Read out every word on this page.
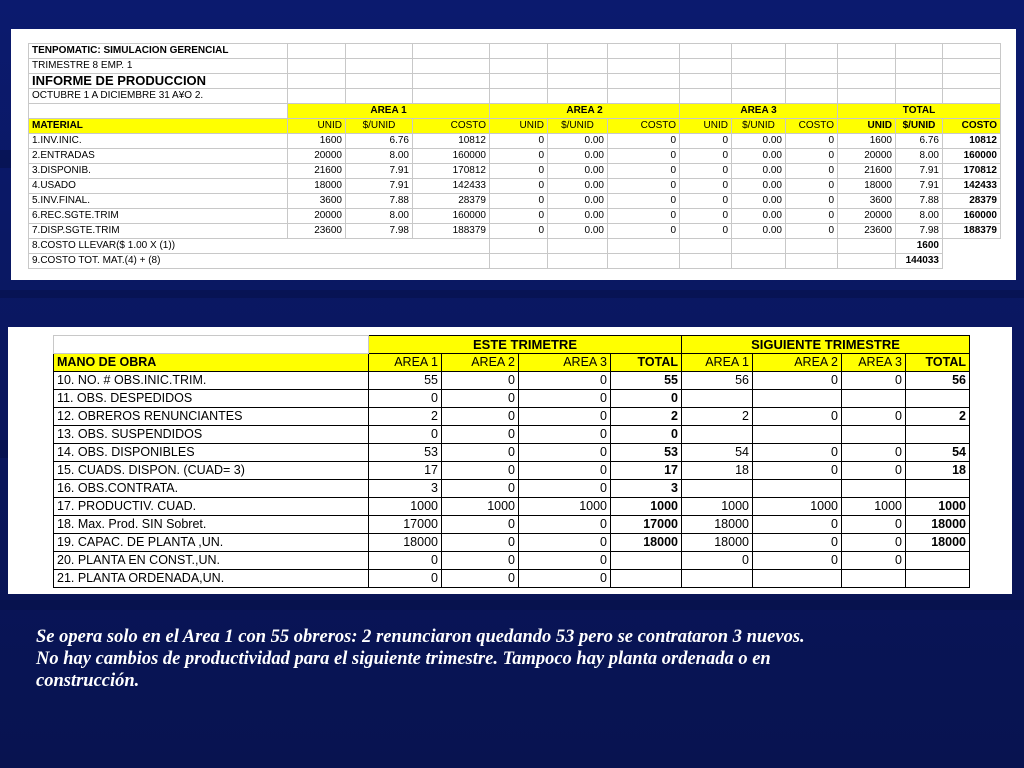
TENPOMATIC: SIMULACION GERENCIAL												
TRIMESTRE 8 EMP. 1												
INFORME DE PRODUCCION												
OCTUBRE 1 A DICIEMBRE 31 A¥O 2.												
	AREA 1			AREA 2			AREA 3			TOTAL		
MATERIAL	UNID	$/UNID	COSTO	UNID	$/UNID	COSTO	UNID	$/UNID	COSTO	UNID	$/UNID	COSTO
1.INV.INIC.	1600	6.76	10812	0	0.00	0	0	0.00	0	1600	6.76	10812
2.ENTRADAS	20000	8.00	160000	0	0.00	0	0	0.00	0	20000	8.00	160000
3.DISPONIB.	21600	7.91	170812	0	0.00	0	0	0.00	0	21600	7.91	170812
4.USADO	18000	7.91	142433	0	0.00	0	0	0.00	0	18000	7.91	142433
5.INV.FINAL.	3600	7.88	28379	0	0.00	0	0	0.00	0	3600	7.88	28379
6.REC.SGTE.TRIM	20000	8.00	160000	0	0.00	0	0	0.00	0	20000	8.00	160000
7.DISP.SGTE.TRIM	23600	7.98	188379	0	0.00	0	0	0.00	0	23600	7.98	188379
8.COSTO LLEVAR($ 1.00 X (1))											1600	
9.COSTO TOT. MAT.(4) + (8)											144033	
	ESTE TRIMETRE				SIGUIENTE TRIMESTRE			
MANO DE OBRA	AREA 1	AREA 2	AREA 3	TOTAL	AREA 1	AREA 2	AREA 3	TOTAL
10. NO. # OBS.INIC.TRIM.	55	0	0	55	56	0	0	56
11. OBS. DESPEDIDOS	0	0	0	0				
12. OBREROS RENUNCIANTES	2	0	0	2	2	0	0	2
13. OBS. SUSPENDIDOS	0	0	0	0				
14. OBS. DISPONIBLES	53	0	0	53	54	0	0	54
15. CUADS. DISPON. (CUAD= 3)	17	0	0	17	18	0	0	18
16. OBS.CONTRATA.	3	0	0	3				
17. PRODUCTIV. CUAD.	1000	1000	1000	1000	1000	1000	1000	1000
18. Max. Prod. SIN Sobret.	17000	0	0	17000	18000	0	0	18000
19. CAPAC. DE PLANTA ,UN.	18000	0	0	18000	18000	0	0	18000
20. PLANTA EN CONST.,UN.	0	0	0		0	0	0	
21. PLANTA ORDENADA,UN.	0	0	0					

Se opera solo en el Area 1 con 55 obreros: 2 renunciaron quedando 53 pero se contrataron 3 nuevos.
No hay cambios de productividad para el siguiente trimestre. Tampoco hay planta ordenada o en
construcción.
